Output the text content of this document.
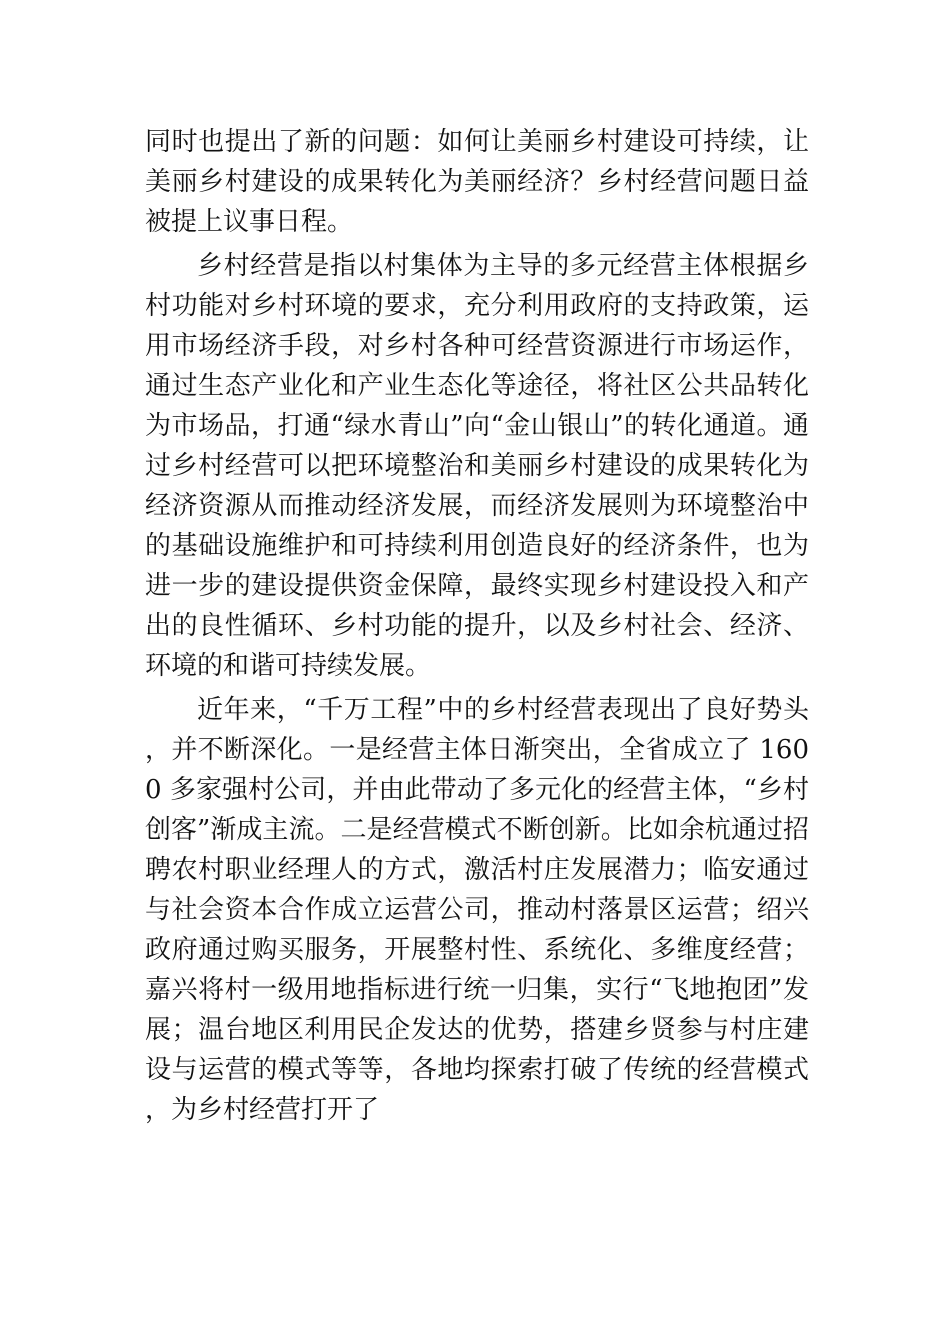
同时也提出了新的问题：如何让美丽乡村建设可持续，让美丽乡村建设的成果转化为美丽经济？乡村经营问题日益被提上议事日程。

乡村经营是指以村集体为主导的多元经营主体根据乡村功能对乡村环境的要求，充分利用政府的支持政策，运用市场经济手段，对乡村各种可经营资源进行市场运作，通过生态产业化和产业生态化等途径，将社区公共品转化为市场品，打通“绿水青山”向“金山银山”的转化通道。通过乡村经营可以把环境整治和美丽乡村建设的成果转化为经济资源从而推动经济发展，而经济发展则为环境整治中的基础设施维护和可持续利用创造良好的经济条件，也为进一步的建设提供资金保障，最终实现乡村建设投入和产出的良性循环、乡村功能的提升，以及乡村社会、经济、环境的和谐可持续发展。

近年来，“千万工程”中的乡村经营表现出了良好势头，并不断深化。一是经营主体日渐突出，全省成立了 1600 多家强村公司，并由此带动了多元化的经营主体，“乡村创客”渐成主流。二是经营模式不断创新。比如余杭通过招聘农村职业经理人的方式，激活村庄发展潜力；临安通过与社会资本合作成立运营公司，推动村落景区运营；绍兴政府通过购买服务，开展整村性、系统化、多维度经营；嘉兴将村一级用地指标进行统一归集，实行“飞地抱团”发展；温台地区利用民企发达的优势，搭建乡贤参与村庄建设与运营的模式等等，各地均探索打破了传统的经营模式，为乡村经营打开了
